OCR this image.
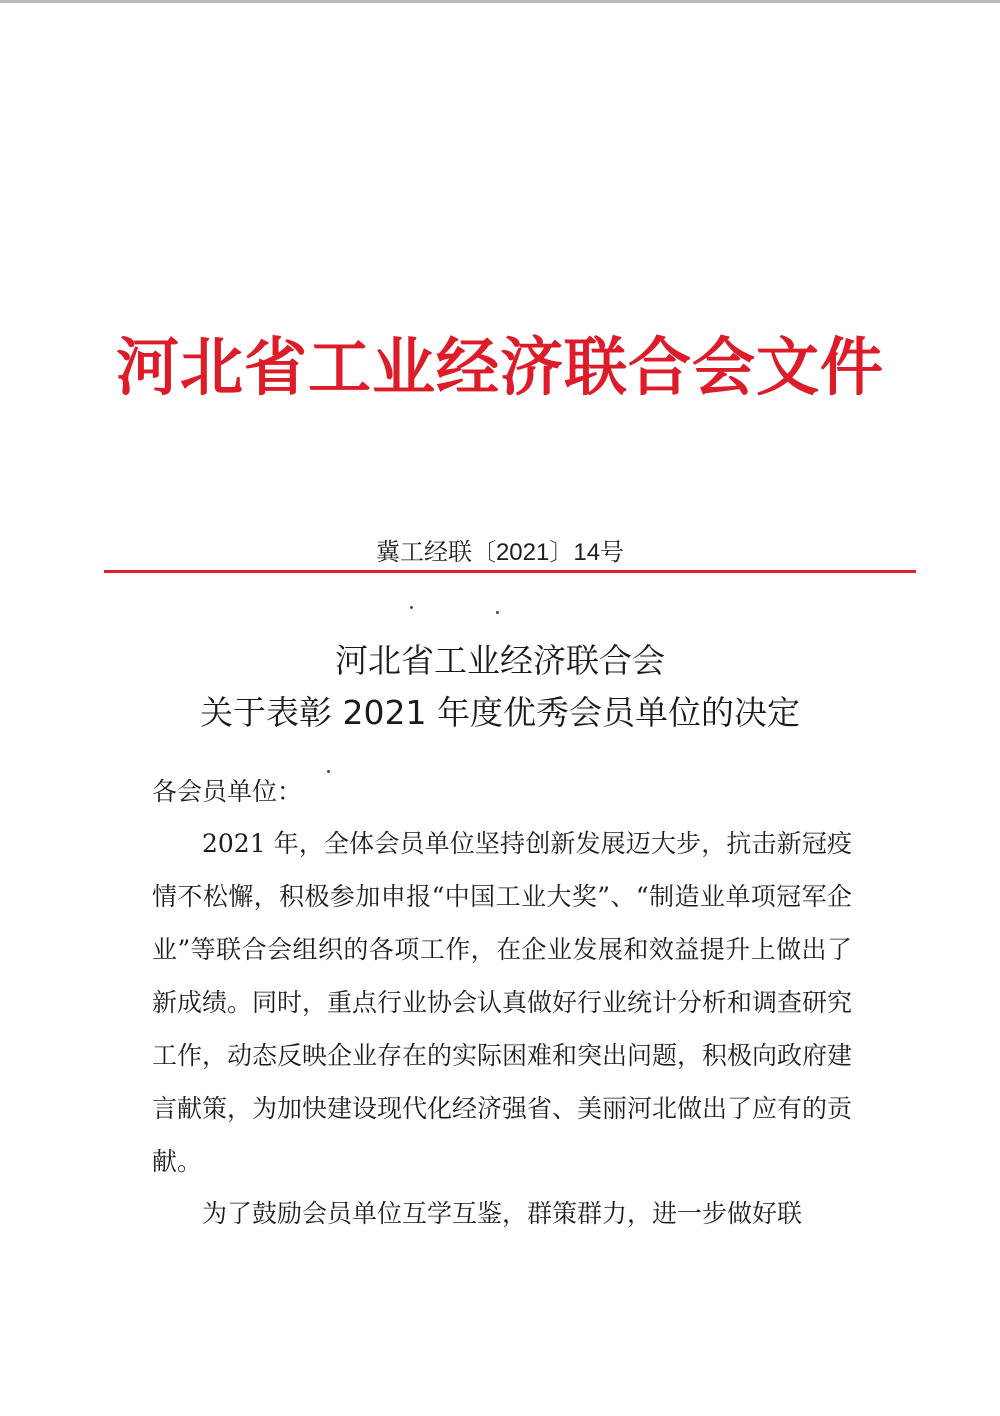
河北省工业经济联合会文件
冀工经联〔2021〕14号
河北省工业经济联合会
关于表彰 2021 年度优秀会员单位的决定
各会员单位：
2021 年，全体会员单位坚持创新发展迈大步，抗击新冠疫情不松懈，积极参加申报“中国工业大奖”、“制造业单项冠军企业”等联合会组织的各项工作，在企业发展和效益提升上做出了新成绩。同时，重点行业协会认真做好行业统计分析和调查研究工作，动态反映企业存在的实际困难和突出问题，积极向政府建言献策，为加快建设现代化经济强省、美丽河北做出了应有的贡献。
为了鼓励会员单位互学互鉴，群策群力，进一步做好联
